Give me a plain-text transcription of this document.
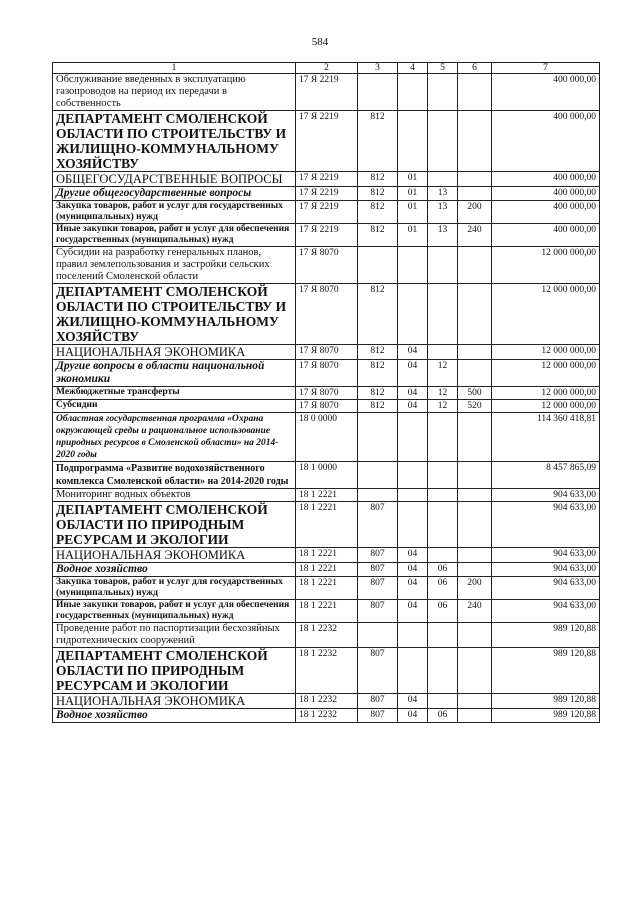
584
1	2	3	4	5	6	7
Обслуживание введенных в эксплуатацию газопроводов на период их передачи в собственность	17 Я 2219					400 000,00
ДЕПАРТАМЕНТ СМОЛЕНСКОЙ ОБЛАСТИ ПО СТРОИТЕЛЬСТВУ И ЖИЛИЩНО-КОММУНАЛЬНОМУ ХОЗЯЙСТВУ	17 Я 2219	812				400 000,00
ОБЩЕГОСУДАРСТВЕННЫЕ ВОПРОСЫ	17 Я 2219	812	01			400 000,00
Другие общегосударственные вопросы	17 Я 2219	812	01	13		400 000,00
Закупка товаров, работ и услуг для государственных (муниципальных) нужд	17 Я 2219	812	01	13	200	400 000,00
Иные закупки товаров, работ и услуг для обеспечения государственных (муниципальных) нужд	17 Я 2219	812	01	13	240	400 000,00
Субсидии на разработку генеральных планов, правил землепользования и застройки сельских поселений Смоленской области	17 Я 8070					12 000 000,00
ДЕПАРТАМЕНТ СМОЛЕНСКОЙ ОБЛАСТИ ПО СТРОИТЕЛЬСТВУ И ЖИЛИЩНО-КОММУНАЛЬНОМУ ХОЗЯЙСТВУ	17 Я 8070	812				12 000 000,00
НАЦИОНАЛЬНАЯ ЭКОНОМИКА	17 Я 8070	812	04			12 000 000,00
Другие вопросы в области национальной экономики	17 Я 8070	812	04	12		12 000 000,00
Межбюджетные трансферты	17 Я 8070	812	04	12	500	12 000 000,00
Субсидии	17 Я 8070	812	04	12	520	12 000 000,00
Областная государственная программа «Охрана окружающей среды и рациональное использование природных ресурсов в Смоленской области» на 2014-2020 годы	18 0 0000					114 360 418,81
Подпрограмма «Развитие водохозяйственного комплекса Смоленской области» на 2014-2020 годы	18 1 0000					8 457 865,09
Мониторинг водных объектов	18 1 2221					904 633,00
ДЕПАРТАМЕНТ СМОЛЕНСКОЙ ОБЛАСТИ ПО ПРИРОДНЫМ РЕСУРСАМ И ЭКОЛОГИИ	18 1 2221	807				904 633,00
НАЦИОНАЛЬНАЯ ЭКОНОМИКА	18 1 2221	807	04			904 633,00
Водное хозяйство	18 1 2221	807	04	06		904 633,00
Закупка товаров, работ и услуг для государственных (муниципальных) нужд	18 1 2221	807	04	06	200	904 633,00
Иные закупки товаров, работ и услуг для обеспечения государственных (муниципальных) нужд	18 1 2221	807	04	06	240	904 633,00
Проведение работ по паспортизации бесхозяйных гидротехнических сооружений	18 1 2232					989 120,88
ДЕПАРТАМЕНТ СМОЛЕНСКОЙ ОБЛАСТИ ПО ПРИРОДНЫМ РЕСУРСАМ И ЭКОЛОГИИ	18 1 2232	807				989 120,88
НАЦИОНАЛЬНАЯ ЭКОНОМИКА	18 1 2232	807	04			989 120,88
Водное хозяйство	18 1 2232	807	04	06		989 120,88
